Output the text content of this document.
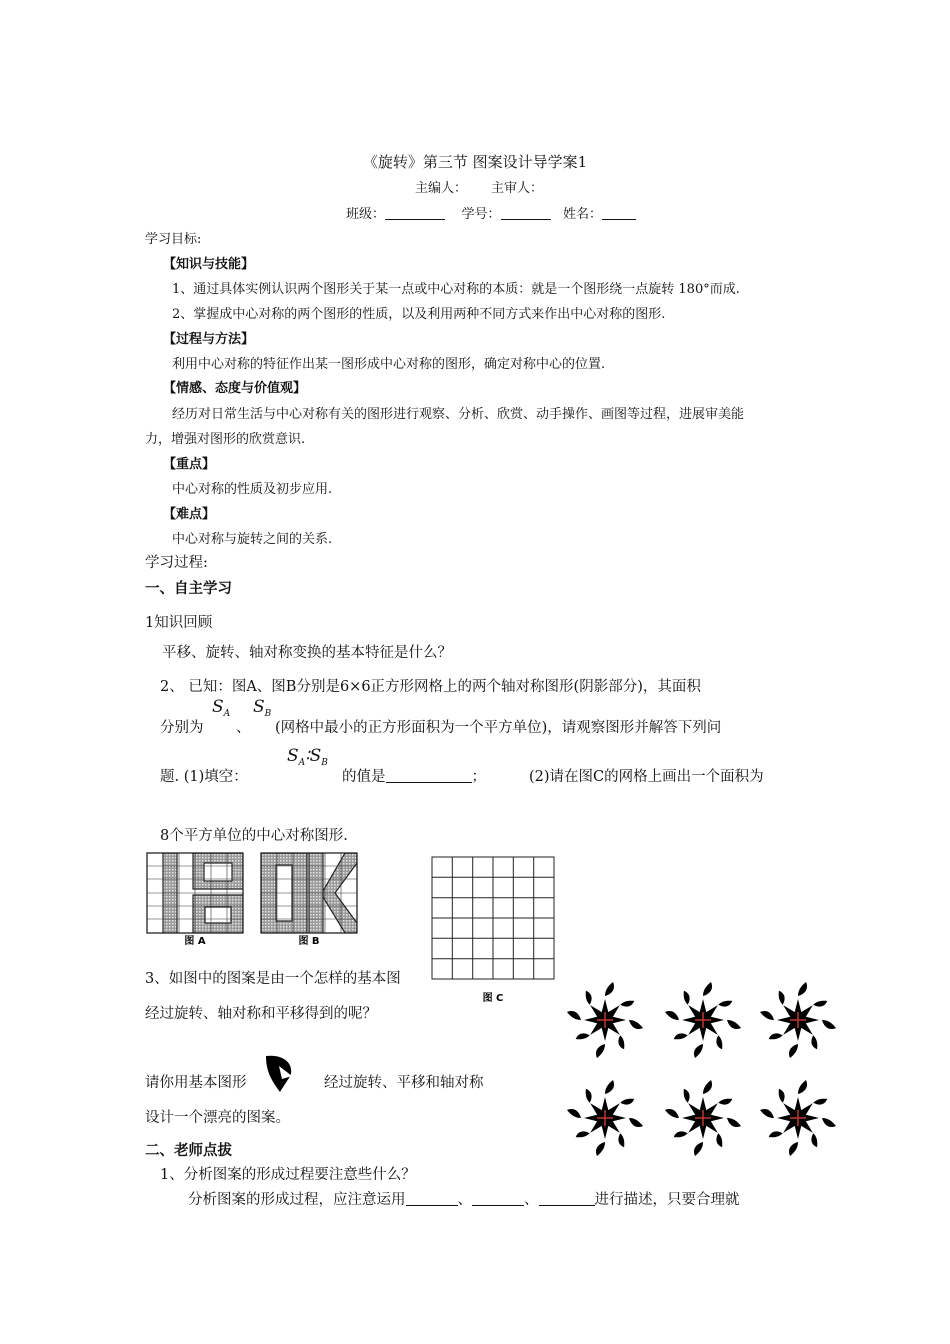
《旋转》第三节 图案设计导学案1
主编人： 主审人：
班级：	学号：	姓名：
学习目标:
【知识与技能】
1、通过具体实例认识两个图形关于某一点或中心对称的本质：就是一个图形绕一点旋转 180°而成.
2、掌握成中心对称的两个图形的性质，以及利用两种不同方式来作出中心对称的图形.
【过程与方法】
利用中心对称的特征作出某一图形成中心对称的图形，确定对称中心的位置.
【情感、态度与价值观】
经历对日常生活与中心对称有关的图形进行观察、分析、欣赏、动手操作、画图等过程，进展审美能
力，增强对图形的欣赏意识.
【重点】
中心对称的性质及初步应用.
【难点】
中心对称与旋转之间的关系.
学习过程:
一、自主学习
1知识回顾
平移、旋转、轴对称变换的基本特征是什么？
2、 已知：图A、图B分别是6×6正方形网格上的两个轴对称图形(阴影部分)，其面积
分别为
$S_A$
、
$S_B$
(网格中最小的正方形面积为一个平方单位)，请观察图形并解答下列问
题. (1)填空：
$S_A∶S_B$
的值是	；	(2)请在图C的网格上画出一个面积为
8个平方单位的中心对称图形.
图 A	图 B
图 C
3、如图中的图案是由一个怎样的基本图
经过旋转、轴对称和平移得到的呢？
请你用基本图形	经过旋转、平移和轴对称
设计一个漂亮的图案。
二、老师点拔
1、分析图案的形成过程要注意些什么？
分析图案的形成过程，应注意运用	、	、	进行描述，只要合理就
